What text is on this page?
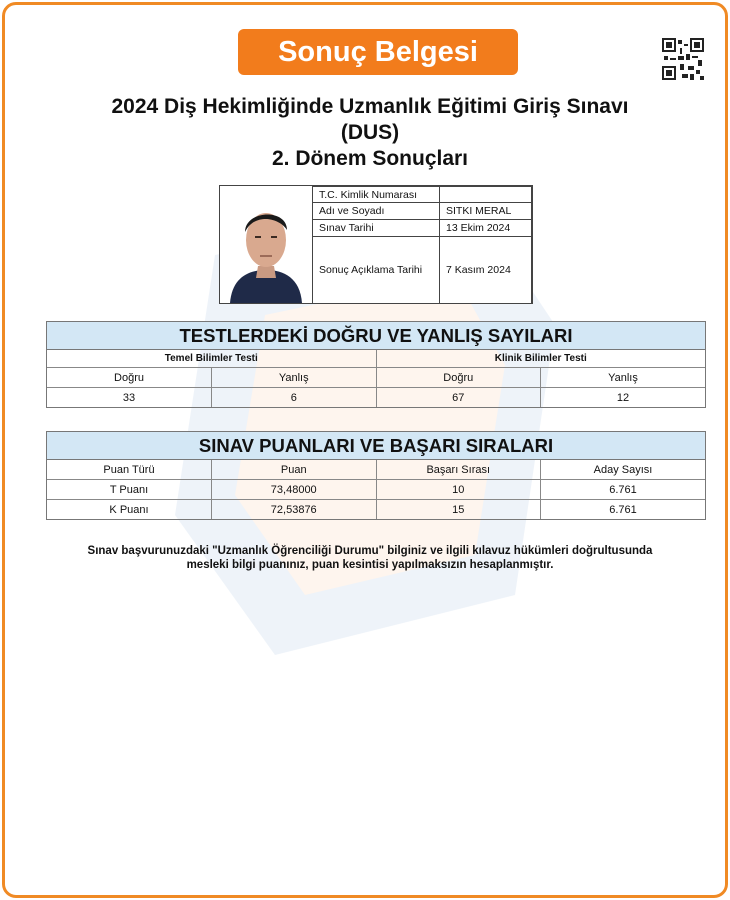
Sonuç Belgesi
2024 Diş Hekimliğinde Uzmanlık Eğitimi Giriş Sınavı
(DUS)
2. Dönem Sonuçları
T.C. Kimlik Numarası	
Adı ve Soyadı	SITKI MERAL
Sınav Tarihi	13 Ekim 2024
Sonuç Açıklama Tarihi	7 Kasım 2024
TESTLERDEKİ DOĞRU VE YANLIŞ SAYILARI
Temel Bilimler Testi		Klinik Bilimler Testi	
Doğru	Yanlış	Doğru	Yanlış
33	6	67	12
SINAV PUANLARI VE BAŞARI SIRALARI
Puan Türü	Puan	Başarı Sırası	Aday Sayısı
T Puanı	73,48000	10	6.761
K Puanı	72,53876	15	6.761
Sınav başvurunuzdaki "Uzmanlık Öğrenciliği Durumu" bilginiz ve ilgili kılavuz hükümleri doğrultusunda
mesleki bilgi puanınız, puan kesintisi yapılmaksızın hesaplanmıştır.
